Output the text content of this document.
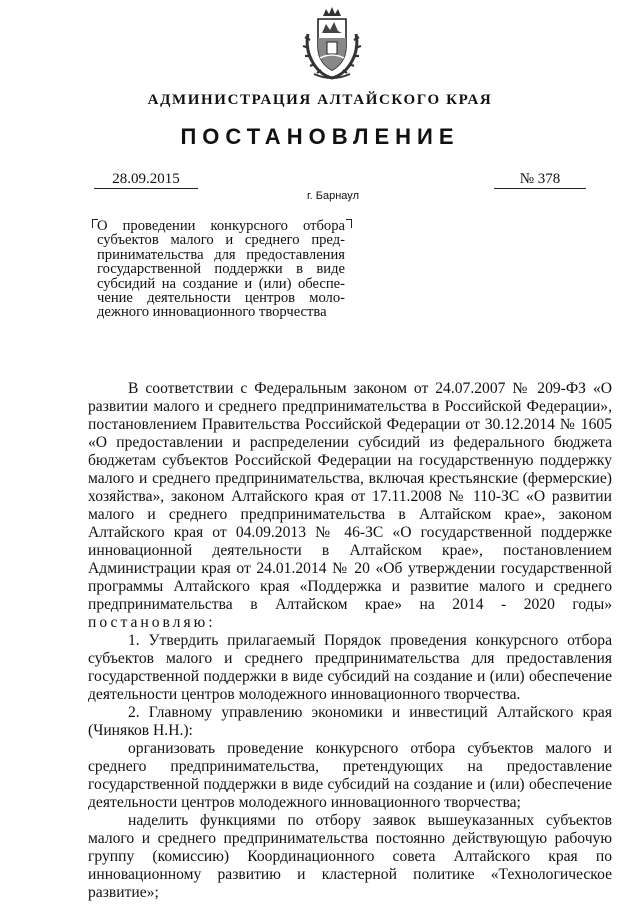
АДМИНИСТРАЦИЯ АЛТАЙСКОГО КРАЯ
ПОСТАНОВЛЕНИЕ
28.09.2015	№ 378
г. Барнаул

О проведении конкурсного отбора субъектов малого и среднего пред-принимательства для предоставления государственной поддержки в виде субсидий на создание и (или) обеспе-чение деятельности центров моло-дежного инновационного творчества

В соответствии с Федеральным законом от 24.07.2007 № 209-ФЗ «О развитии малого и среднего предпринимательства в Российской Федерации», постановлением Правительства Российской Федерации от 30.12.2014 № 1605 «О предоставлении и распределении субсидий из федерального бюджета бюджетам субъектов Российской Федерации на государственную поддержку малого и среднего предпринимательства, включая крестьянские (фермерские) хозяйства», законом Алтайского края от 17.11.2008 № 110-ЗС «О развитии малого и среднего предпринимательства в Алтайском крае», законом Алтайского края от 04.09.2013 № 46-ЗС «О государственной поддержке инновационной деятельности в Алтайском крае», постановлением Администрации края от 24.01.2014 № 20 «Об утверждении государственной программы Алтайского края «Поддержка и развитие малого и среднего предпринимательства в Алтайском крае» на 2014 - 2020 годы» постановляю:

1. Утвердить прилагаемый Порядок проведения конкурсного отбора субъектов малого и среднего предпринимательства для предоставления государственной поддержки в виде субсидий на создание и (или) обеспечение деятельности центров молодежного инновационного творчества.

2. Главному управлению экономики и инвестиций Алтайского края (Чиняков Н.Н.):

организовать проведение конкурсного отбора субъектов малого и среднего предпринимательства, претендующих на предоставление государственной поддержки в виде субсидий на создание и (или) обеспечение деятельности центров молодежного инновационного творчества;

наделить функциями по отбору заявок вышеуказанных субъектов малого и среднего предпринимательства постоянно действующую рабочую группу (комиссию) Координационного совета Алтайского края по инновационному развитию и кластерной политике «Технологическое развитие»;
